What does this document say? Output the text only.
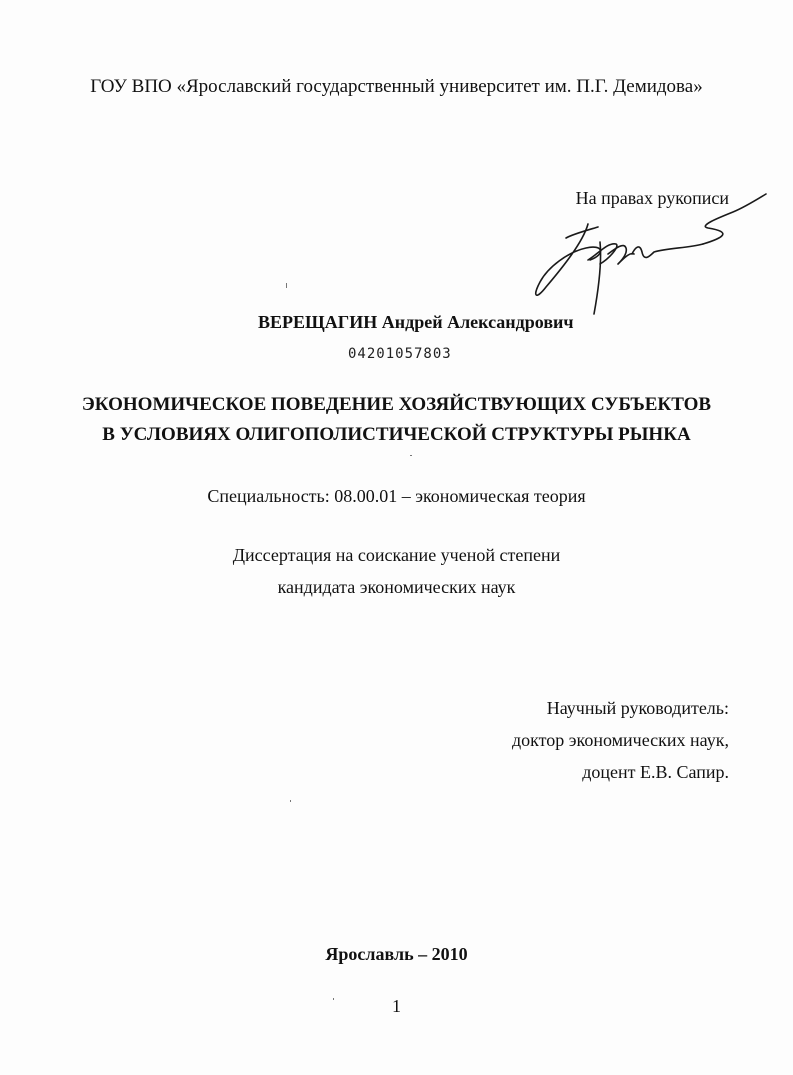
ГОУ ВПО «Ярославский государственный университет им. П.Г. Демидова»
На правах рукописи
ВЕРЕЩАГИН Андрей Александрович
04201057803
ЭКОНОМИЧЕСКОЕ ПОВЕДЕНИЕ ХОЗЯЙСТВУЮЩИХ СУБЪЕКТОВ
В УСЛОВИЯХ ОЛИГОПОЛИСТИЧЕСКОЙ СТРУКТУРЫ РЫНКА
Специальность: 08.00.01 – экономическая теория
Диссертация на соискание ученой степени
кандидата экономических наук
Научный руководитель:
доктор экономических наук,
доцент Е.В. Сапир.
Ярославль – 2010
1
